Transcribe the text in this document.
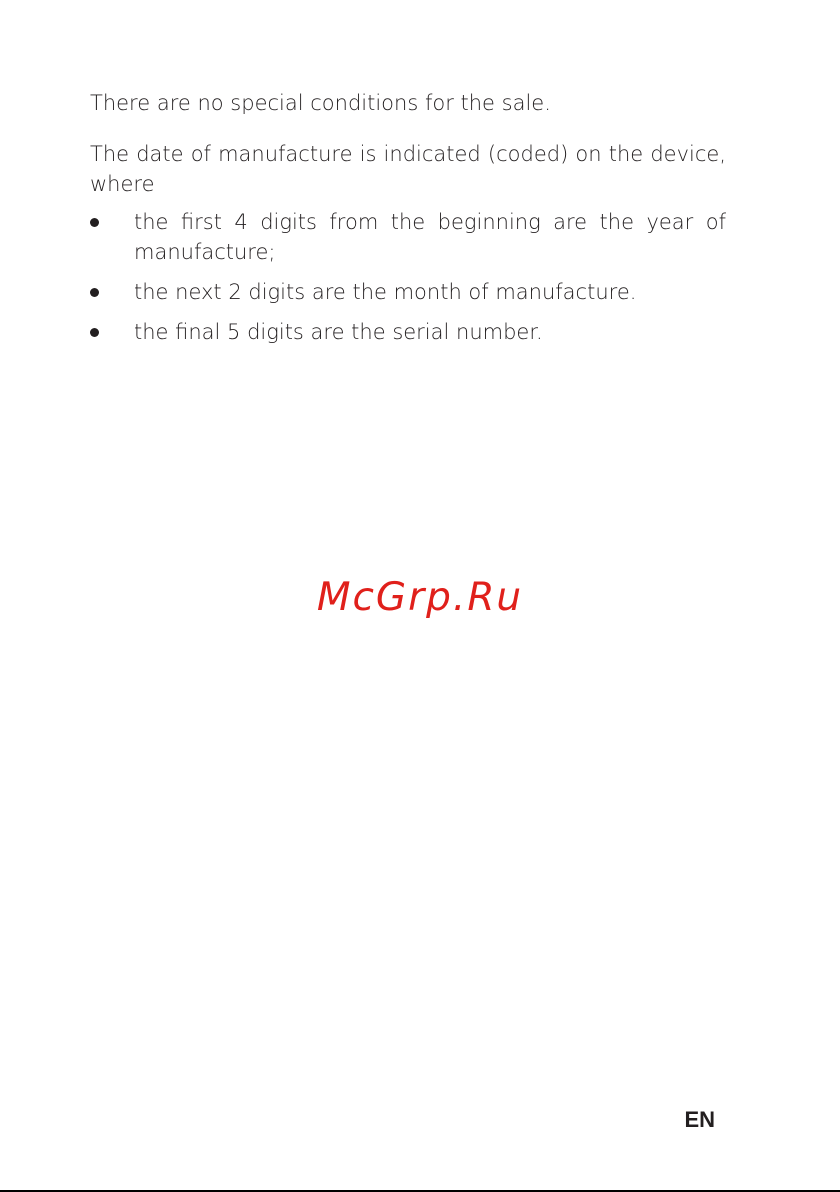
There are no special conditions for the sale.

The date of manufacture is indicated (coded) on the device, where

the first 4 digits from the beginning are the year of manufacture;
the next 2 digits are the month of manufacture.
the final 5 digits are the serial number.
McGrp.Ru
EN
